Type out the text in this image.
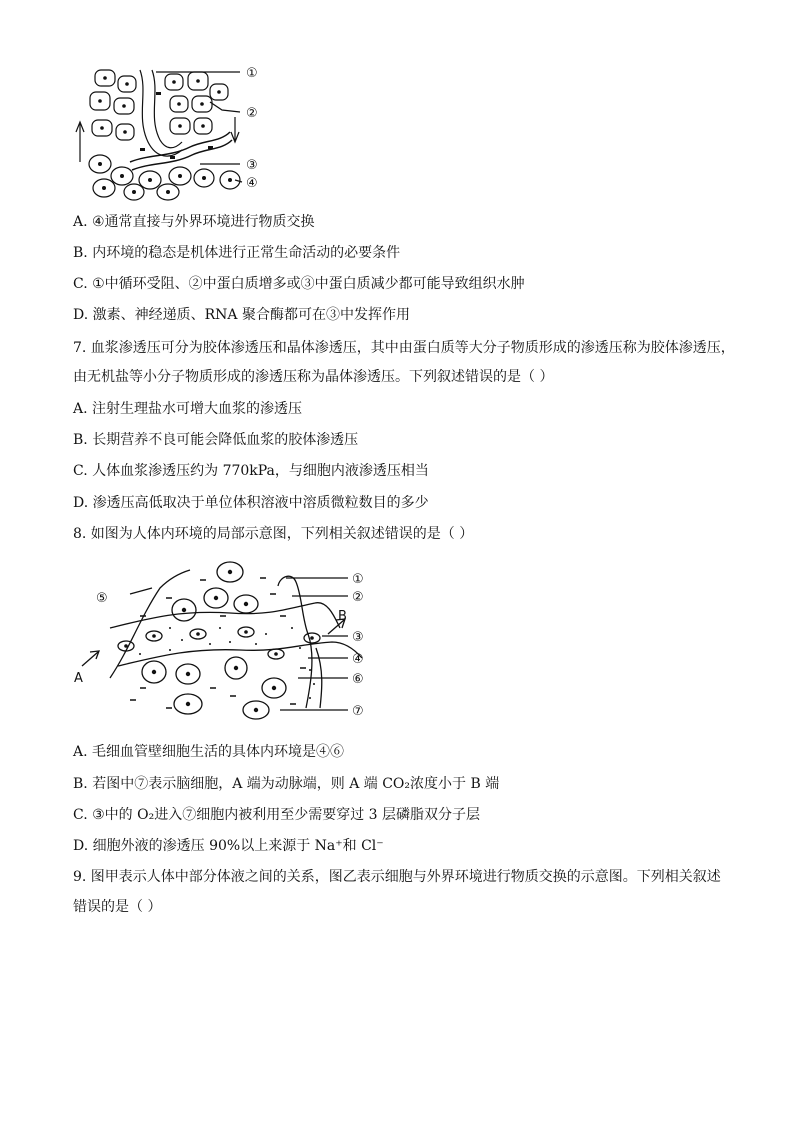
①
②
③
④
A. ④通常直接与外界环境进行物质交换
B. 内环境的稳态是机体进行正常生命活动的必要条件
C. ①中循环受阻、②中蛋白质增多或③中蛋白质减少都可能导致组织水肿
D. 激素、神经递质、RNA 聚合酶都可在③中发挥作用
7. 血浆渗透压可分为胶体渗透压和晶体渗透压，其中由蛋白质等大分子物质形成的渗透压称为胶体渗透压，
由无机盐等小分子物质形成的渗透压称为晶体渗透压。下列叙述错误的是（ ）
A. 注射生理盐水可增大血浆的渗透压
B. 长期营养不良可能会降低血浆的胶体渗透压
C. 人体血浆渗透压约为 770kPa，与细胞内液渗透压相当
D. 渗透压高低取决于单位体积溶液中溶质微粒数目的多少
8. 如图为人体内环境的局部示意图，下列相关叙述错误的是（ ）
①
②
③
④
⑥
⑦
⑤
A
B
A. 毛细血管壁细胞生活的具体内环境是④⑥
B. 若图中⑦表示脑细胞，A 端为动脉端，则 A 端 CO₂浓度小于 B 端
C. ③中的 O₂进入⑦细胞内被利用至少需要穿过 3 层磷脂双分子层
D. 细胞外液的渗透压 90%以上来源于 Na⁺和 Cl⁻
9. 图甲表示人体中部分体液之间的关系，图乙表示细胞与外界环境进行物质交换的示意图。下列相关叙述
错误的是（ ）
